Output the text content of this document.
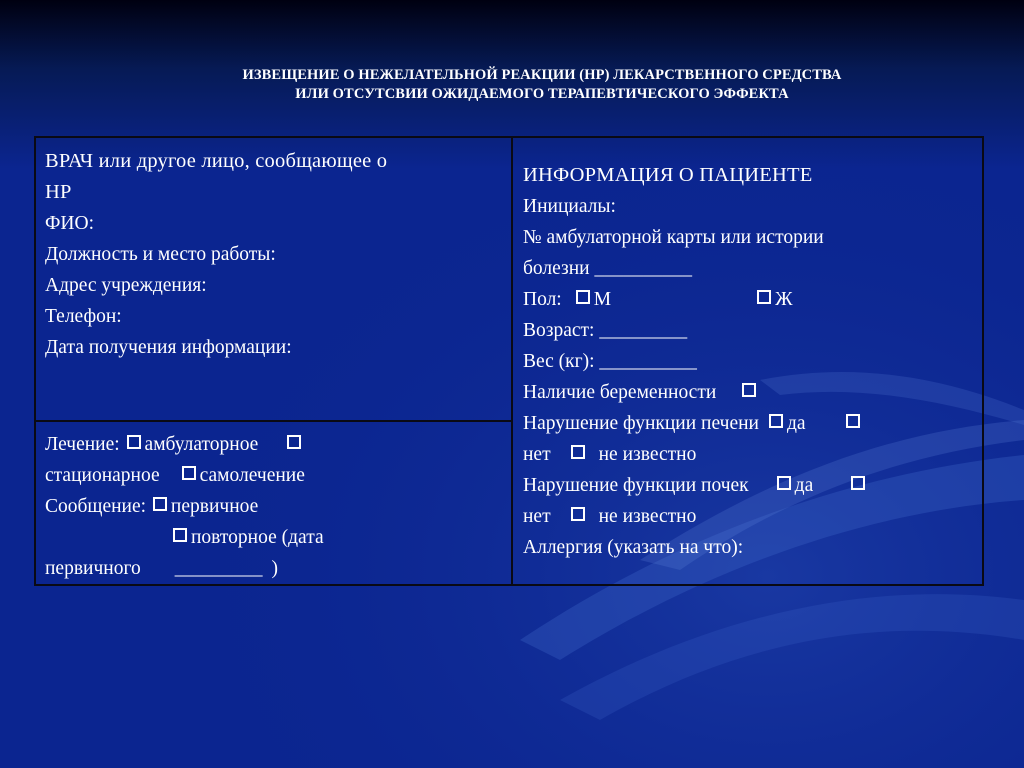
ИЗВЕЩЕНИЕ О НЕЖЕЛАТЕЛЬНОЙ РЕАКЦИИ (НР) ЛЕКАРСТВЕННОГО СРЕДСТВА
ИЛИ ОТСУТСВИИ ОЖИДАЕМОГО ТЕРАПЕВТИЧЕСКОГО ЭФФЕКТА
ВРАЧ или другое лицо, сообщающее о
НР
ФИО:
Должность и место работы:
Адрес учреждения:
Телефон:
Дата получения информации:
Лечение: амбулаторное
стационарное самолечение
Сообщение: первичное
повторное (дата
первичного _________ )
ИНФОРМАЦИЯ О ПАЦИЕНТЕ
Инициалы:
№ амбулаторной карты или истории
болезни __________
Пол: М	Ж
Возраст: _________
Вес (кг): __________
Наличие беременности
Нарушение функции печени да
нет не известно
Нарушение функции почек да
нет не известно
Аллергия (указать на что):
